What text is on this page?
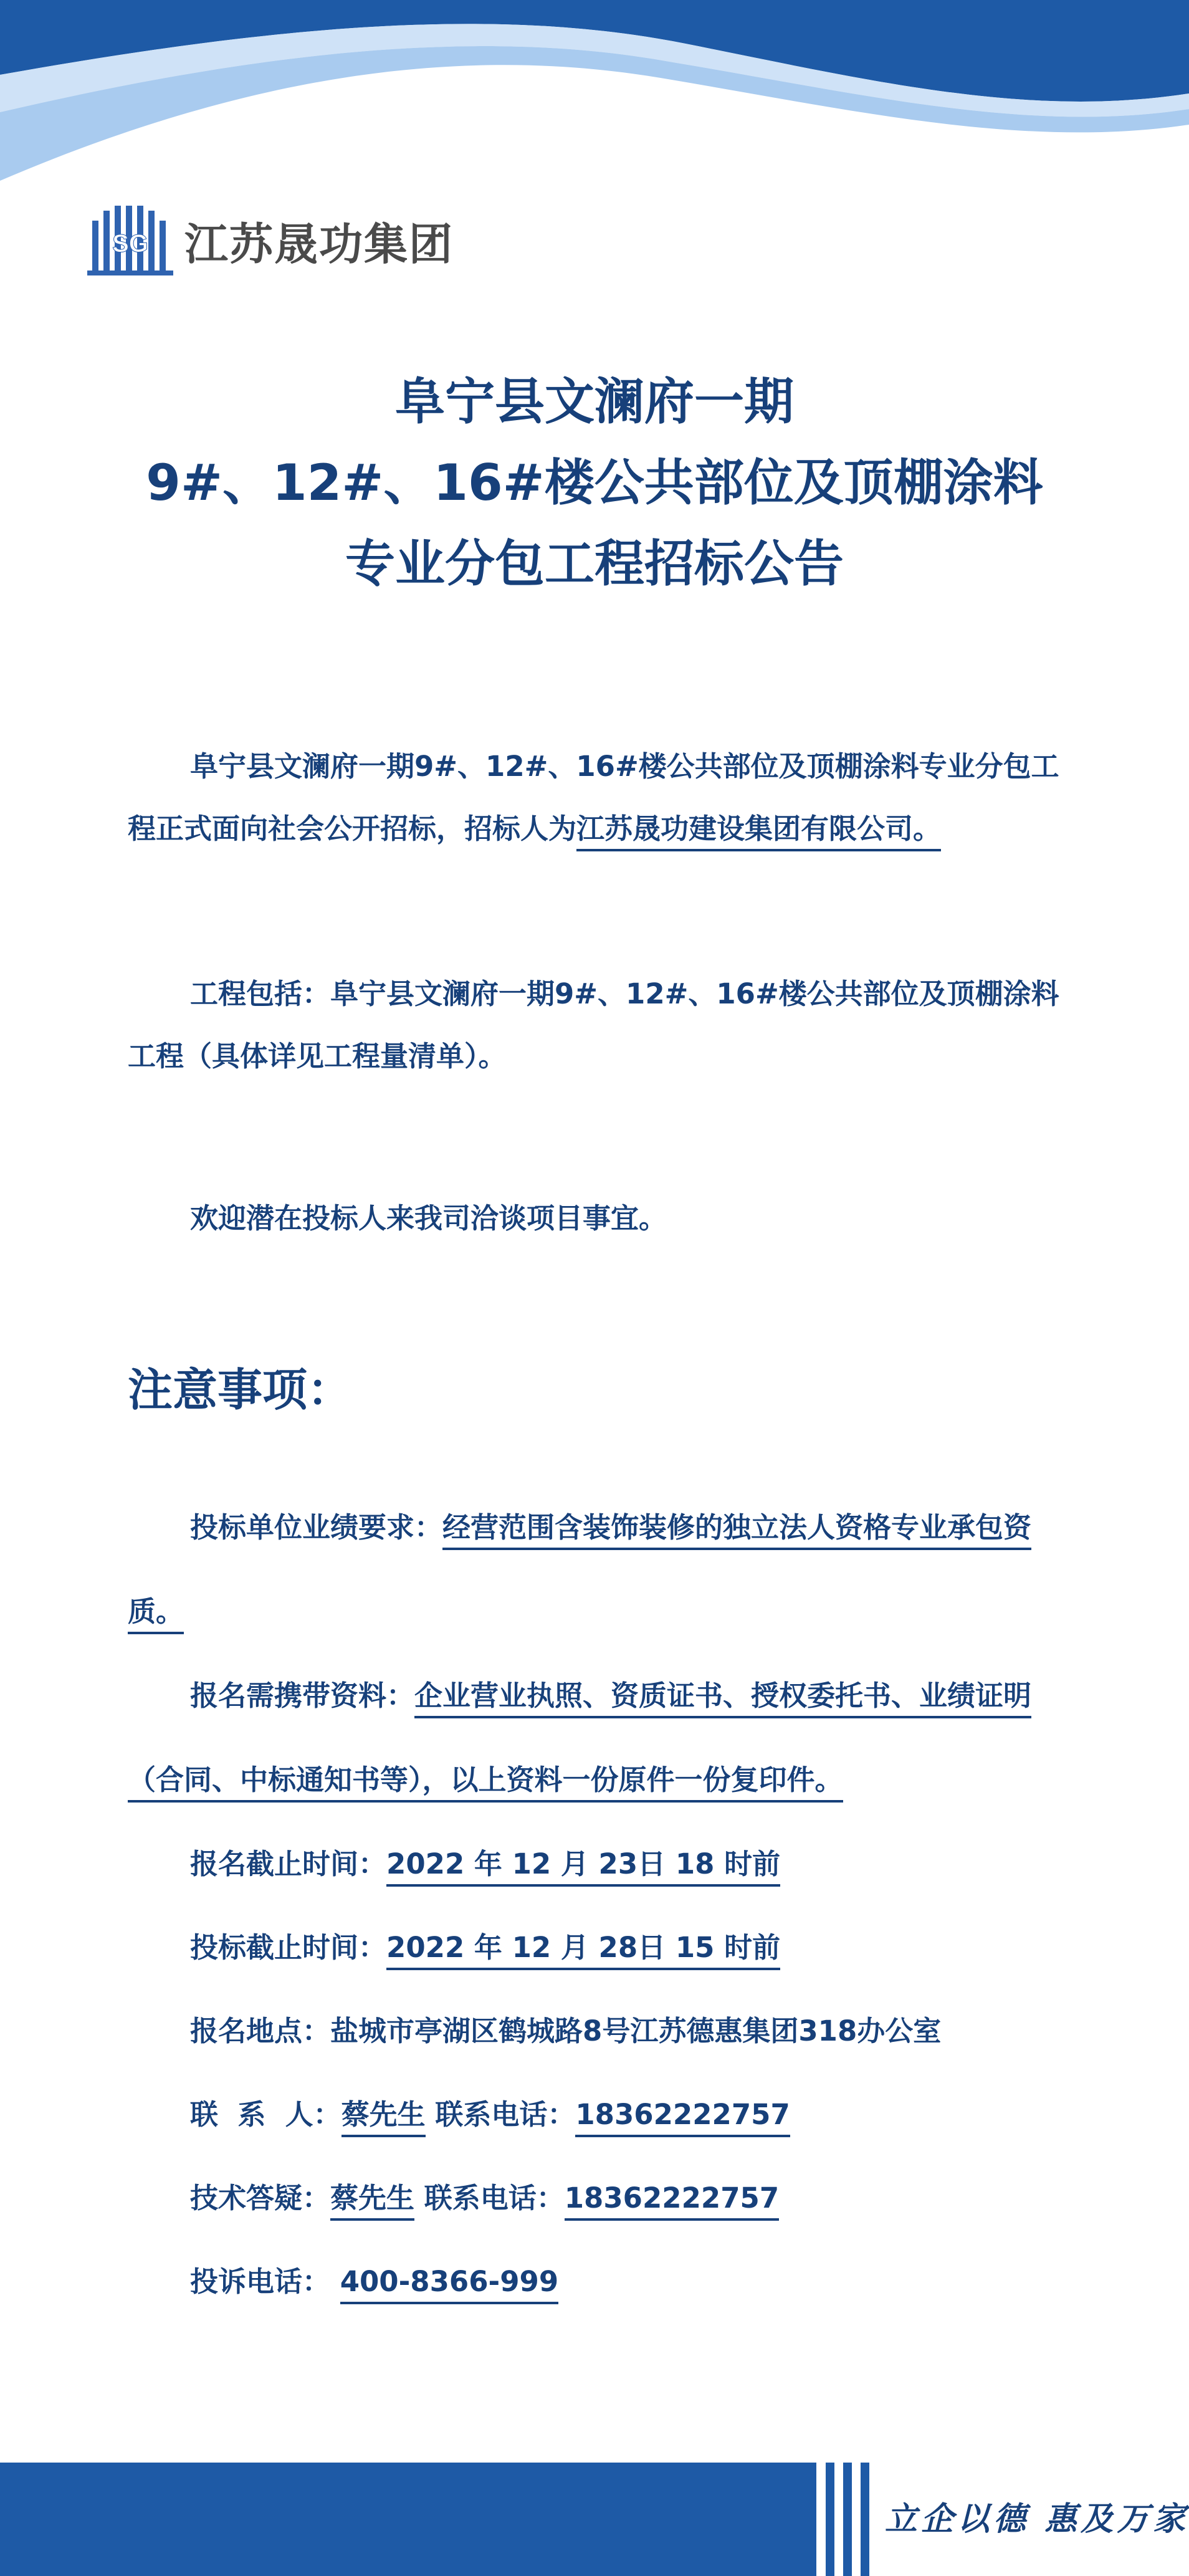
SG 江苏晟功集团
阜宁县文澜府一期
9#、12#、16#楼公共部位及顶棚涂料
专业分包工程招标公告
阜宁县文澜府一期9#、12#、16#楼公共部位及顶棚涂料专业分包工程正式面向社会公开招标，招标人为江苏晟功建设集团有限公司。
工程包括：阜宁县文澜府一期9#、12#、16#楼公共部位及顶棚涂料工程（具体详见工程量清单）。
欢迎潜在投标人来我司洽谈项目事宜。
注意事项：
投标单位业绩要求：经营范围含装饰装修的独立法人资格专业承包资质。
报名需携带资料：企业营业执照、资质证书、授权委托书、业绩证明（合同、中标通知书等），以上资料一份原件一份复印件。
报名截止时间：2022 年 12 月 23日 18 时前
投标截止时间：2022 年 12 月 28日 15 时前
报名地点：盐城市亭湖区鹤城路8号江苏德惠集团318办公室
联  系  人：蔡先生 联系电话：18362222757
技术答疑：蔡先生 联系电话：18362222757
投诉电话： 400-8366-999
立企以德 惠及万家
